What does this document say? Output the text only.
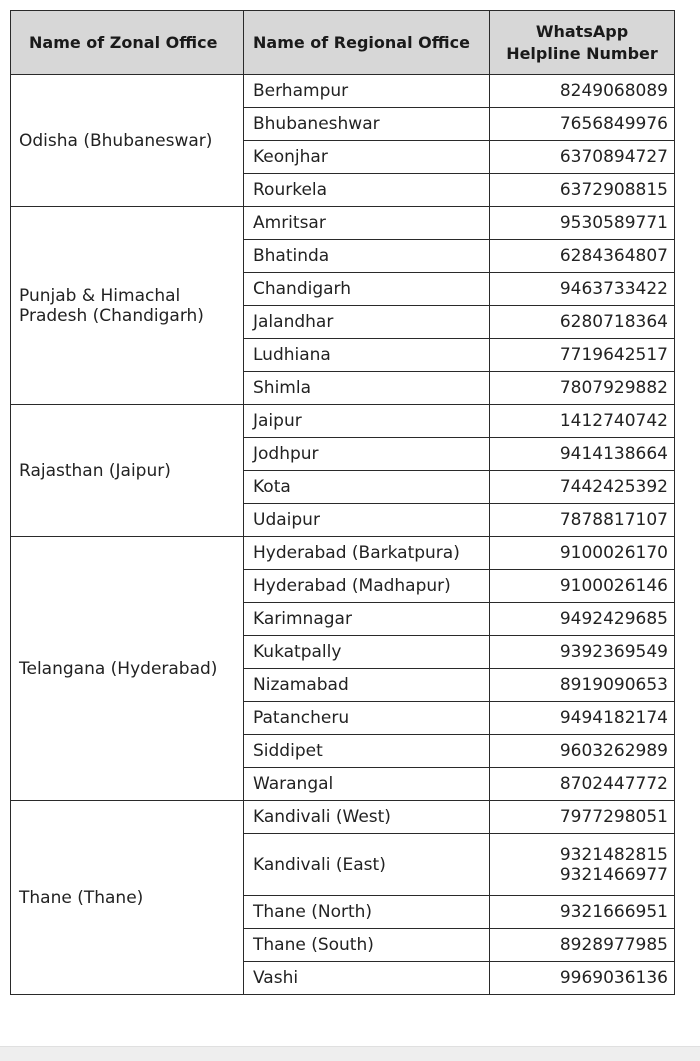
Name of Zonal Office	Name of Regional Office	WhatsApp
Helpline Number
Odisha (Bhubaneswar)	Berhampur	8249068089
	Bhubaneshwar	7656849976
	Keonjhar	6370894727
	Rourkela	6372908815
Punjab & Himachal Pradesh (Chandigarh)	Amritsar	9530589771
	Bhatinda	6284364807
	Chandigarh	9463733422
	Jalandhar	6280718364
	Ludhiana	7719642517
	Shimla	7807929882
Rajasthan (Jaipur)	Jaipur	1412740742
	Jodhpur	9414138664
	Kota	7442425392
	Udaipur	7878817107
Telangana (Hyderabad)	Hyderabad (Barkatpura)	9100026170
	Hyderabad (Madhapur)	9100026146
	Karimnagar	9492429685
	Kukatpally	9392369549
	Nizamabad	8919090653
	Patancheru	9494182174
	Siddipet	9603262989
	Warangal	8702447772
Thane (Thane)	Kandivali (West)	7977298051
	Kandivali (East)	9321482815
9321466977
	Thane (North)	9321666951
	Thane (South)	8928977985
	Vashi	9969036136
